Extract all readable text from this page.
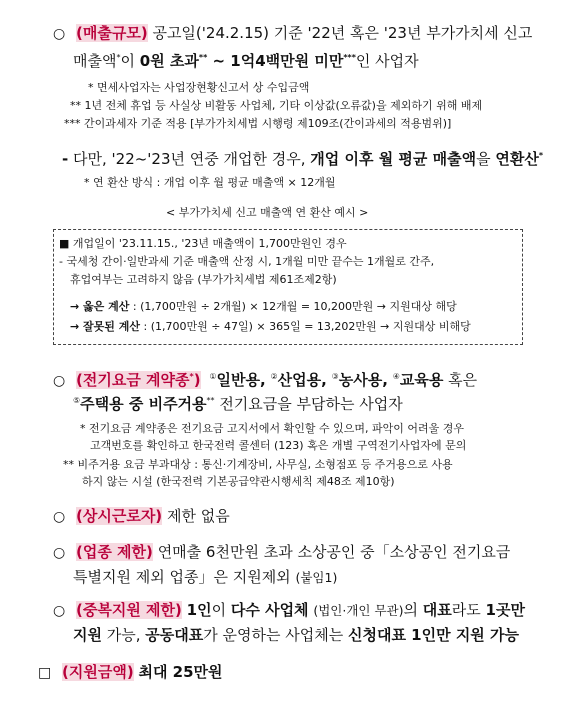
○ (매출규모) 공고일('24.2.15) 기준 '22년 혹은 '23년 부가가치세 신고
매출액*이 0원 초과** ~ 1억4백만원 미만***인 사업자
* 면세사업자는 사업장현황신고서 상 수입금액
** 1년 전체 휴업 등 사실상 비활동 사업체, 기타 이상값(오류값)을 제외하기 위해 배제
*** 간이과세자 기준 적용 [부가가치세법 시행령 제109조(간이과세의 적용범위)]
- 다만, '22~'23년 연중 개업한 경우, 개업 이후 월 평균 매출액을 연환산*
* 연 환산 방식 : 개업 이후 월 평균 매출액 × 12개월
< 부가가치세 신고 매출액 연 환산 예시 >
■ 개업일이 '23.11.15., '23년 매출액이 1,700만원인 경우
- 국세청 간이·일반과세 기준 매출액 산정 시, 1개월 미만 끝수는 1개월로 간주,
휴업여부는 고려하지 않음 (부가가치세법 제61조제2항)
→ 옳은 계산 : (1,700만원 ÷ 2개월) × 12개월 = 10,200만원 → 지원대상 해당
→ 잘못된 계산 : (1,700만원 ÷ 47일) × 365일 = 13,202만원 → 지원대상 비해당
○ (전기요금 계약종*) ①일반용, ②산업용, ③농사용, ④교육용 혹은
⑤주택용 중 비주거용** 전기요금을 부담하는 사업자
* 전기요금 계약종은 전기요금 고지서에서 확인할 수 있으며, 파악이 어려울 경우
고객번호를 확인하고 한국전력 콜센터 (123) 혹은 개별 구역전기사업자에 문의
** 비주거용 요금 부과대상 : 통신·기계장비, 사무실, 소형점포 등 주거용으로 사용
하지 않는 시설 (한국전력 기본공급약관시행세칙 제48조 제10항)
○ (상시근로자) 제한 없음
○ (업종 제한) 연매출 6천만원 초과 소상공인 중「소상공인 전기요금
특별지원 제외 업종」은 지원제외 (붙임1)
○ (중복지원 제한) 1인이 다수 사업체 (법인·개인 무관)의 대표라도 1곳만
지원 가능, 공동대표가 운영하는 사업체는 신청대표 1인만 지원 가능
□ (지원금액) 최대 25만원
